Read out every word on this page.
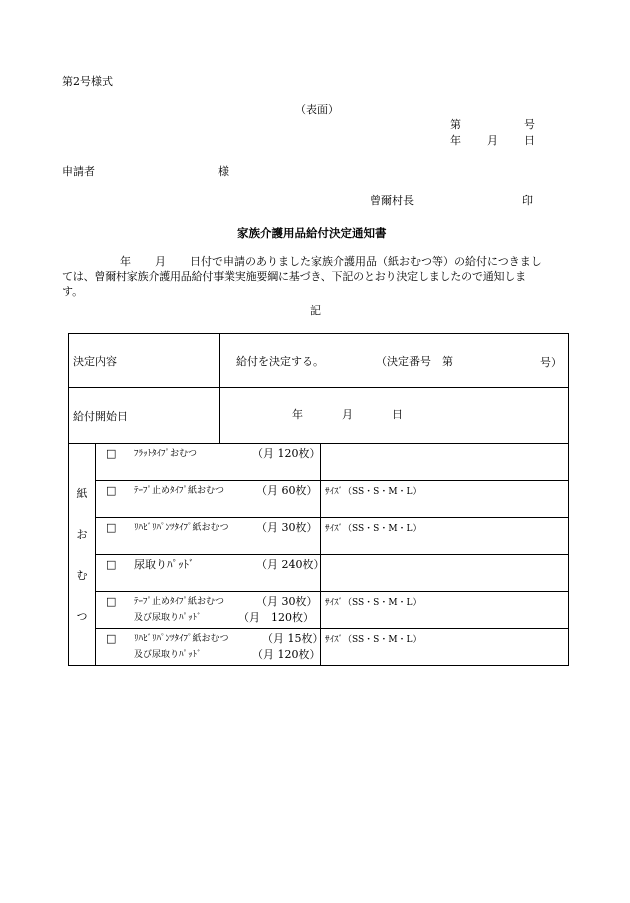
第2号様式
（表面）
第	号
年 月 日
申請者	様
曾爾村長	印
家族介護用品給付決定通知書
年 月 日付で申請のありました家族介護用品（紙おむつ等）の給付につきまし
ては、曾爾村家族介護用品給付事業実施要綱に基づき、下記のとおり決定しましたので通知しま
す。
記
決定内容		給付を決定する。 （決定番号　第 号）	

給付開始日		年 月 日	

紙
お
む
つ	□ ﾌﾗｯﾄﾀｲﾌﾟおむつ （月 120枚）		

	□ ﾃｰﾌﾟ止めﾀｲﾌﾟ紙おむつ （月 60枚）		ｻｲｽﾞ（SS・S・M・L）

	□ ﾘﾊﾋﾞﾘﾊﾟﾝﾂﾀｲﾌﾟ紙おむつ （月 30枚）		ｻｲｽﾞ（SS・S・M・L）

	□ 尿取りﾊﾟｯﾄﾞ （月 240枚）		

	□ ﾃｰﾌﾟ止めﾀｲﾌﾟ紙おむつ （月 30枚）
及び尿取りﾊﾟｯﾄﾞ （月　120枚）		ｻｲｽﾞ（SS・S・M・L）

	□ ﾘﾊﾋﾞﾘﾊﾟﾝﾂﾀｲﾌﾟ紙おむつ （月 15枚）
及び尿取りﾊﾟｯﾄﾞ （月 120枚）		ｻｲｽﾞ（SS・S・M・L）
